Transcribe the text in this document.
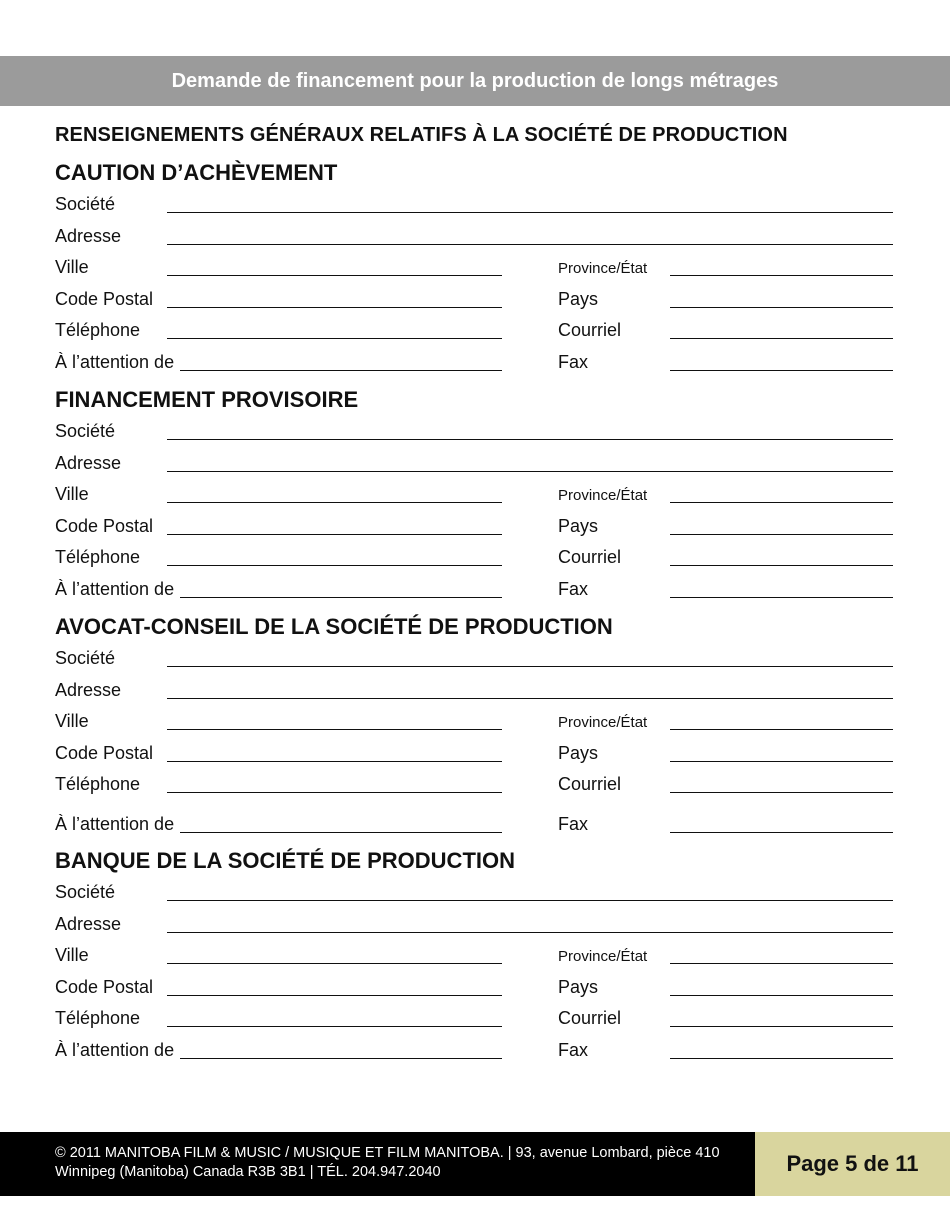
Demande de financement pour la production de longs métrages
RENSEIGNEMENTS GÉNÉRAUX RELATIFS À LA SOCIÉTÉ DE PRODUCTION
CAUTION D’ACHÈVEMENT
Société
Adresse
Ville	Province/État
Code Postal	Pays
Téléphone	Courriel
À l’attention de	Fax
FINANCEMENT PROVISOIRE
Société
Adresse
Ville	Province/État
Code Postal	Pays
Téléphone	Courriel
À l’attention de	Fax
AVOCAT-CONSEIL DE LA SOCIÉTÉ DE PRODUCTION
Société
Adresse
Ville	Province/État
Code Postal	Pays
Téléphone	Courriel
À l’attention de	Fax
BANQUE DE LA SOCIÉTÉ DE PRODUCTION
Société
Adresse
Ville	Province/État
Code Postal	Pays
Téléphone	Courriel
À l’attention de	Fax
© 2011 MANITOBA FILM & MUSIC / MUSIQUE ET FILM MANITOBA. | 93, avenue Lombard, pièce 410 Winnipeg (Manitoba) Canada R3B 3B1 | TÉL. 204.947.2040	Page 5 de 11
